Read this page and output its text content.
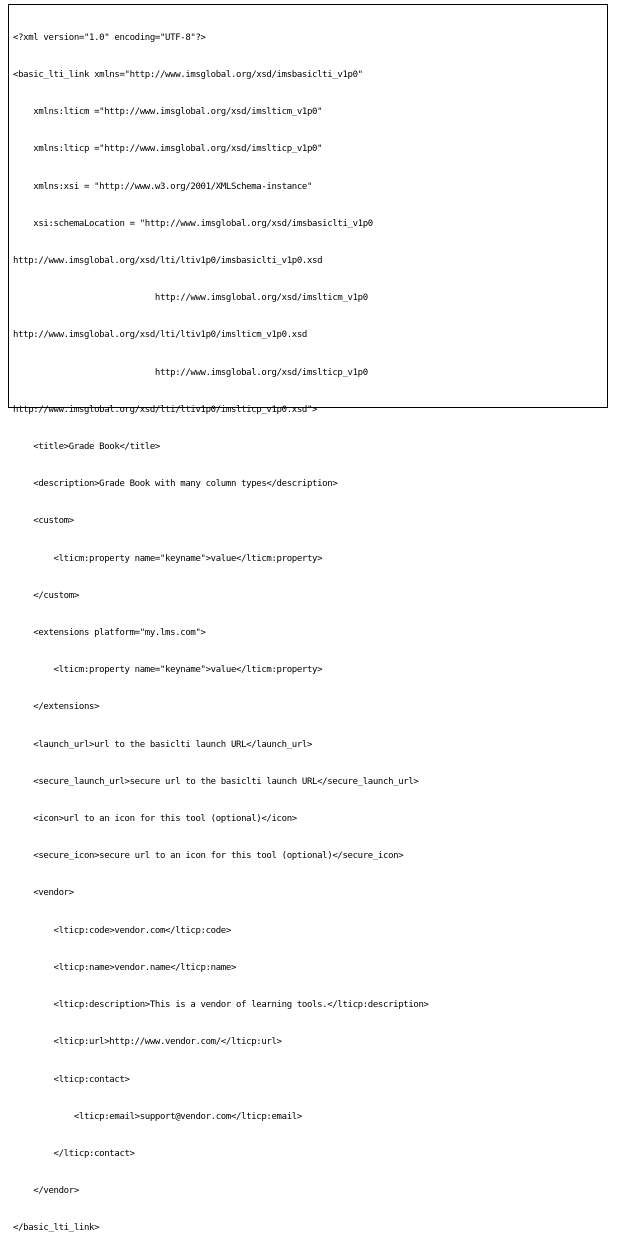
<?xml version="1.0" encoding="UTF-8"?>

<basic_lti_link xmlns="http://www.imsglobal.org/xsd/imsbasiclti_v1p0"

xmlns:lticm ="http://www.imsglobal.org/xsd/imslticm_v1p0"

xmlns:lticp ="http://www.imsglobal.org/xsd/imslticp_v1p0"

xmlns:xsi = "http://www.w3.org/2001/XMLSchema-instance"

xsi:schemaLocation = "http://www.imsglobal.org/xsd/imsbasiclti_v1p0

http://www.imsglobal.org/xsd/lti/ltiv1p0/imsbasiclti_v1p0.xsd

http://www.imsglobal.org/xsd/imslticm_v1p0

http://www.imsglobal.org/xsd/lti/ltiv1p0/imslticm_v1p0.xsd

http://www.imsglobal.org/xsd/imslticp_v1p0

http://www.imsglobal.org/xsd/lti/ltiv1p0/imslticp_v1p0.xsd">

<title>Grade Book</title>

<description>Grade Book with many column types</description>

<custom>

<lticm:property name="keyname">value</lticm:property>

</custom>

<extensions platform="my.lms.com">

<lticm:property name="keyname">value</lticm:property>

</extensions>

<launch_url>url to the basiclti launch URL</launch_url>

<secure_launch_url>secure url to the basiclti launch URL</secure_launch_url>

<icon>url to an icon for this tool (optional)</icon>

<secure_icon>secure url to an icon for this tool (optional)</secure_icon>

<vendor>

<lticp:code>vendor.com</lticp:code>

<lticp:name>vendor.name</lticp:name>

<lticp:description>This is a vendor of learning tools.</lticp:description>

<lticp:url>http://www.vendor.com/</lticp:url>

<lticp:contact>

<lticp:email>support@vendor.com</lticp:email>

</lticp:contact>

</vendor>

</basic_lti_link>
